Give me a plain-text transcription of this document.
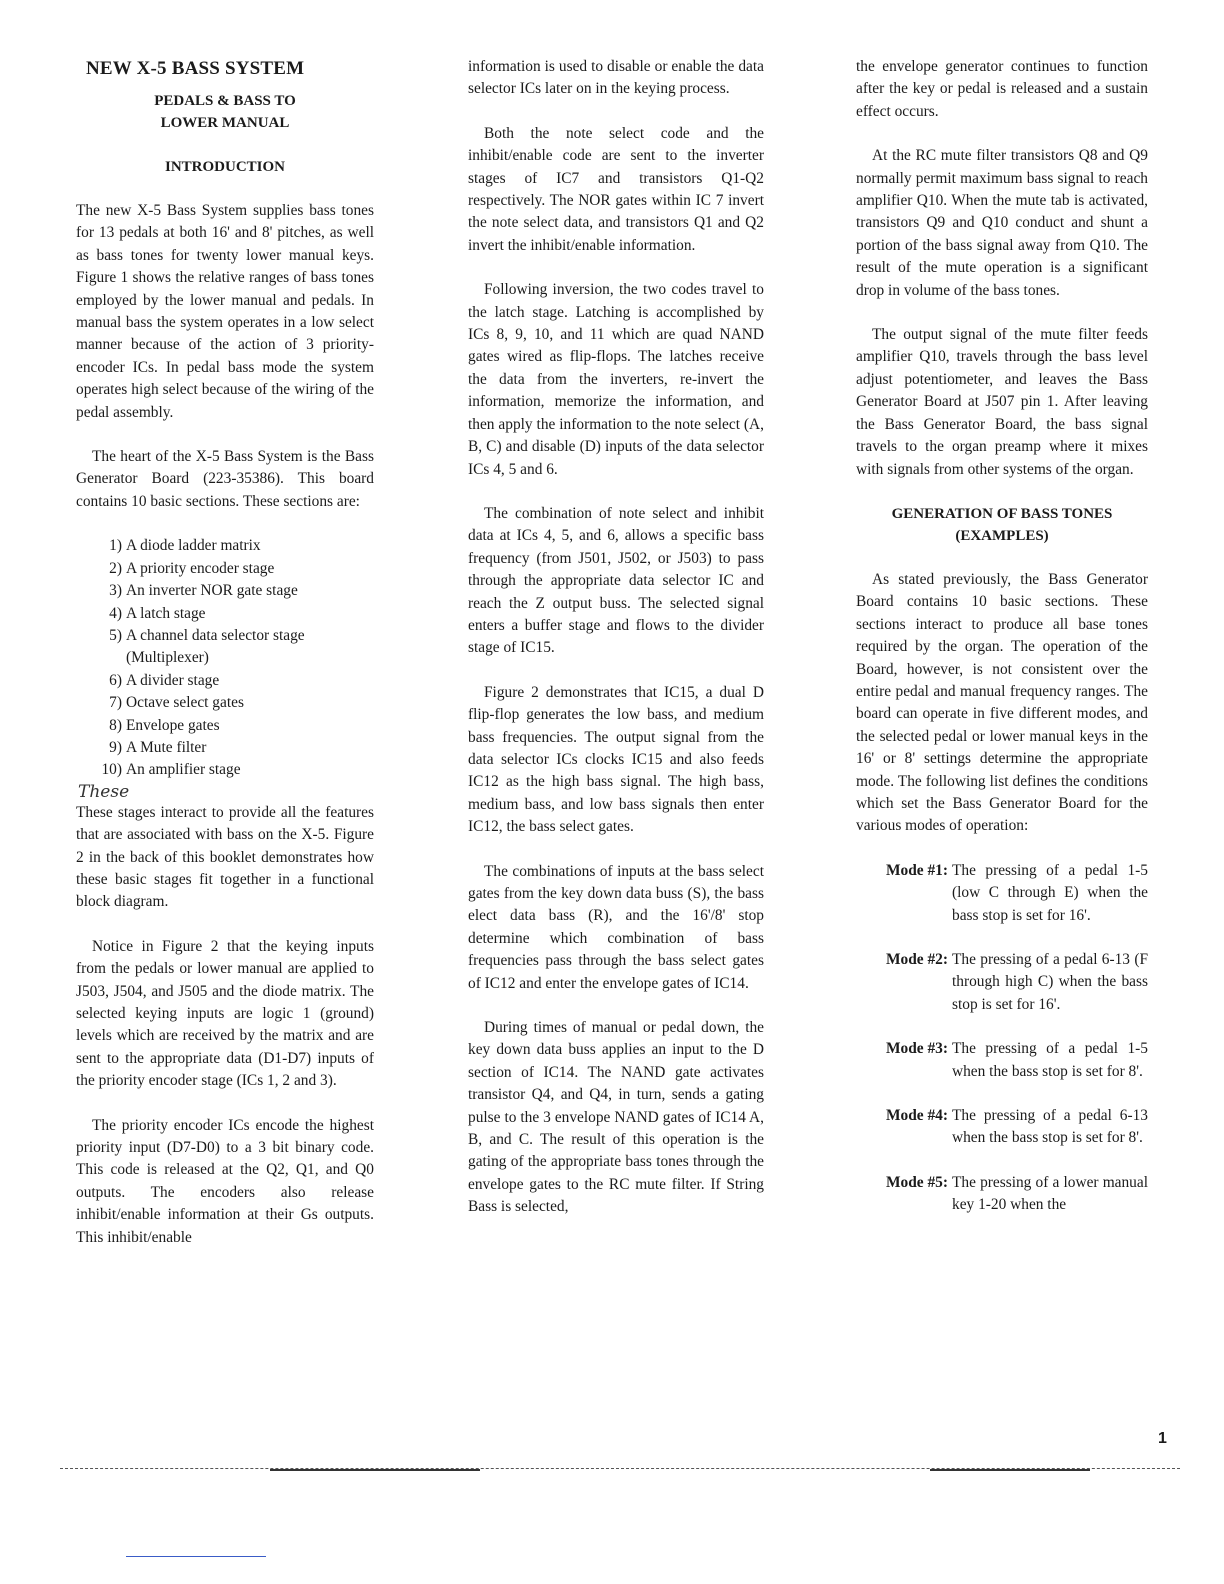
NEW X-5 BASS SYSTEM
PEDALS & BASS TO
LOWER MANUAL
INTRODUCTION

The new X-5 Bass System supplies bass tones for 13 pedals at both 16' and 8' pitches, as well as bass tones for twenty lower manual keys. Figure 1 shows the relative ranges of bass tones employed by the lower manual and pedals. In manual bass the system operates in a low select manner because of the action of 3 priority-encoder ICs. In pedal bass mode the system operates high select because of the wiring of the pedal assembly.

The heart of the X-5 Bass System is the Bass Generator Board (223-35386). This board contains 10 basic sections. These sections are:

1) A diode ladder matrix
2) A priority encoder stage
3) An inverter NOR gate stage
4) A latch stage
5) A channel data selector stage (Multiplexer)
6) A divider stage
7) Octave select gates
8) Envelope gates
9) A Mute filter
10) An amplifier stage
These

These stages interact to provide all the features that are associated with bass on the X-5. Figure 2 in the back of this booklet demonstrates how these basic stages fit together in a functional block diagram.

Notice in Figure 2 that the keying inputs from the pedals or lower manual are applied to J503, J504, and J505 and the diode matrix. The selected keying inputs are logic 1 (ground) levels which are received by the matrix and are sent to the appropriate data (D1-D7) inputs of the priority encoder stage (ICs 1, 2 and 3).

The priority encoder ICs encode the highest priority input (D7-D0) to a 3 bit binary code. This code is released at the Q2, Q1, and Q0 outputs. The encoders also release inhibit/enable information at their Gs outputs. This inhibit/enable

information is used to disable or enable the data selector ICs later on in the keying process.

Both the note select code and the inhibit/enable code are sent to the inverter stages of IC7 and transistors Q1-Q2 respectively. The NOR gates within IC 7 invert the note select data, and transistors Q1 and Q2 invert the inhibit/enable information.

Following inversion, the two codes travel to the latch stage. Latching is accomplished by ICs 8, 9, 10, and 11 which are quad NAND gates wired as flip-flops. The latches receive the data from the inverters, re-invert the information, memorize the information, and then apply the information to the note select (A, B, C) and disable (D) inputs of the data selector ICs 4, 5 and 6.

The combination of note select and inhibit data at ICs 4, 5, and 6, allows a specific bass frequency (from J501, J502, or J503) to pass through the appropriate data selector IC and reach the Z output buss. The selected signal enters a buffer stage and flows to the divider stage of IC15.

Figure 2 demonstrates that IC15, a dual D flip-flop generates the low bass, and medium bass frequencies. The output signal from the data selector ICs clocks IC15 and also feeds IC12 as the high bass signal. The high bass, medium bass, and low bass signals then enter IC12, the bass select gates.

The combinations of inputs at the bass select gates from the key down data buss (S), the bass elect data bass (R), and the 16'/8' stop determine which combination of bass frequencies pass through the bass select gates of IC12 and enter the envelope gates of IC14.

During times of manual or pedal down, the key down data buss applies an input to the D section of IC14. The NAND gate activates transistor Q4, and Q4, in turn, sends a gating pulse to the 3 envelope NAND gates of IC14 A, B, and C. The result of this operation is the gating of the appropriate bass tones through the envelope gates to the RC mute filter. If String Bass is selected,

the envelope generator continues to function after the key or pedal is released and a sustain effect occurs.

At the RC mute filter transistors Q8 and Q9 normally permit maximum bass signal to reach amplifier Q10. When the mute tab is activated, transistors Q9 and Q10 conduct and shunt a portion of the bass signal away from Q10. The result of the mute operation is a significant drop in volume of the bass tones.

The output signal of the mute filter feeds amplifier Q10, travels through the bass level adjust potentiometer, and leaves the Bass Generator Board at J507 pin 1. After leaving the Bass Generator Board, the bass signal travels to the organ preamp where it mixes with signals from other systems of the organ.

GENERATION OF BASS TONES
(EXAMPLES)

As stated previously, the Bass Generator Board contains 10 basic sections. These sections interact to produce all base tones required by the organ. The operation of the Board, however, is not consistent over the entire pedal and manual frequency ranges. The board can operate in five different modes, and the selected pedal or lower manual keys in the 16' or 8' settings determine the appropriate mode. The following list defines the conditions which set the Bass Generator Board for the various modes of operation:

Mode #1: The pressing of a pedal 1-5 (low C through E) when the bass stop is set for 16'.
Mode #2: The pressing of a pedal 6-13 (F through high C) when the bass stop is set for 16'.
Mode #3: The pressing of a pedal 1-5 when the bass stop is set for 8'.
Mode #4: The pressing of a pedal 6-13 when the bass stop is set for 8'.
Mode #5: The pressing of a lower manual key 1-20 when the
1
